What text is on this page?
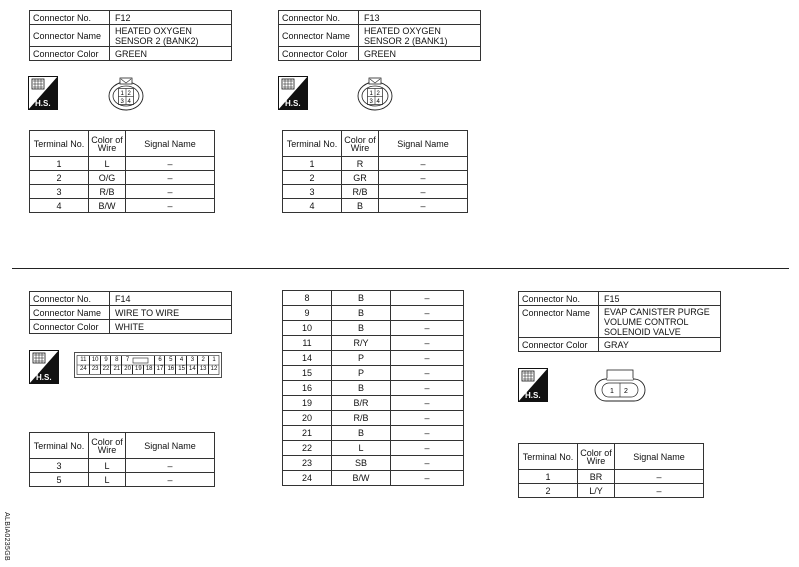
Connector No.	F12
Connector Name	HEATED OXYGEN
SENSOR 2 (BANK2)

Connector Color	GREEN
H.S.
1 2
3 4
Terminal No.	Color of
Wire	Signal Name
1	L	–
2	O/G	–
3	R/B	–
4	B/W	–
Connector No.	F13
Connector Name	HEATED OXYGEN
SENSOR 2 (BANK1)

Connector Color	GREEN
H.S.
1 2
3 4
Terminal No.	Color of
Wire	Signal Name
1	R	–
2	GR	–
3	R/B	–
4	B	–
Connector No.	F14
Connector Name	WIRE TO WIRE
Connector Color	WHITE
H.S.
11 10 9	8	7	6	5	4	3	2	1
24 23 22 21 20 19 18 17 16 15 14 13 12
Terminal No.	Color of
Wire	Signal Name
3	L	–
5	L	–
8	B	–
9	B	–
10	B	–
11	R/Y	–
14	P	–
15	P	–
16	B	–
19	B/R	–
20	R/B	–
21	B	–
22	L	–
23	SB	–
24	B/W	–
Connector No.	F15
Connector Name	EVAP CANISTER PURGE
VOLUME CONTROL
SOLENOID VALVE

Connector Color	GRAY
H.S.	1 2
Terminal No.	Color of
Wire	Signal Name
1	BR	–
2	L/Y	–
ALBIA0235GB
